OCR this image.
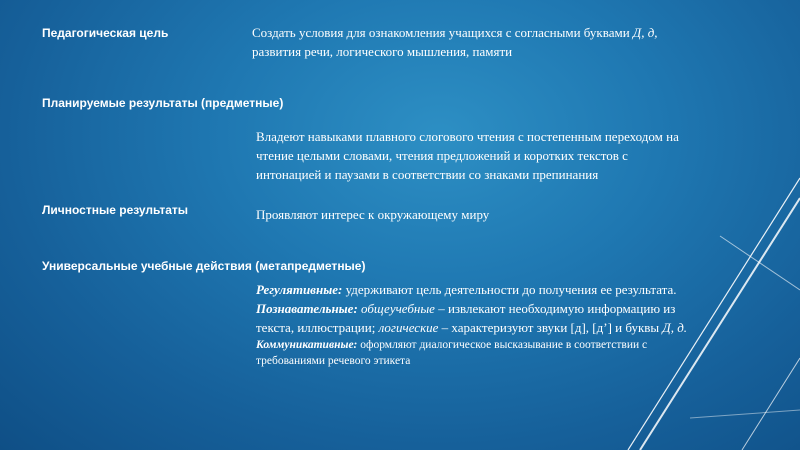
Педагогическая цель	Создать условия для ознакомления учащихся с согласными буквами Д, д,
развития речи, логического мышления, памяти
Планируемые результаты (предметные)
Владеют навыками плавного слогового чтения с постепенным переходом на
чтение целыми словами, чтения предложений и коротких текстов с
интонацией и паузами в соответствии со знаками препинания
Личностные результаты	Проявляют интерес к окружающему миру
Универсальные учебные действия (метапредметные)
Регулятивные: удерживают цель деятельности до получения ее результата.
Познавательные: общеучебные – извлекают необходимую информацию из
текста, иллюстрации; логические – характеризуют звуки [д], [д’] и буквы Д, д.
Коммуникативные: оформляют диалогическое высказывание в соответствии с
требованиями речевого этикета
